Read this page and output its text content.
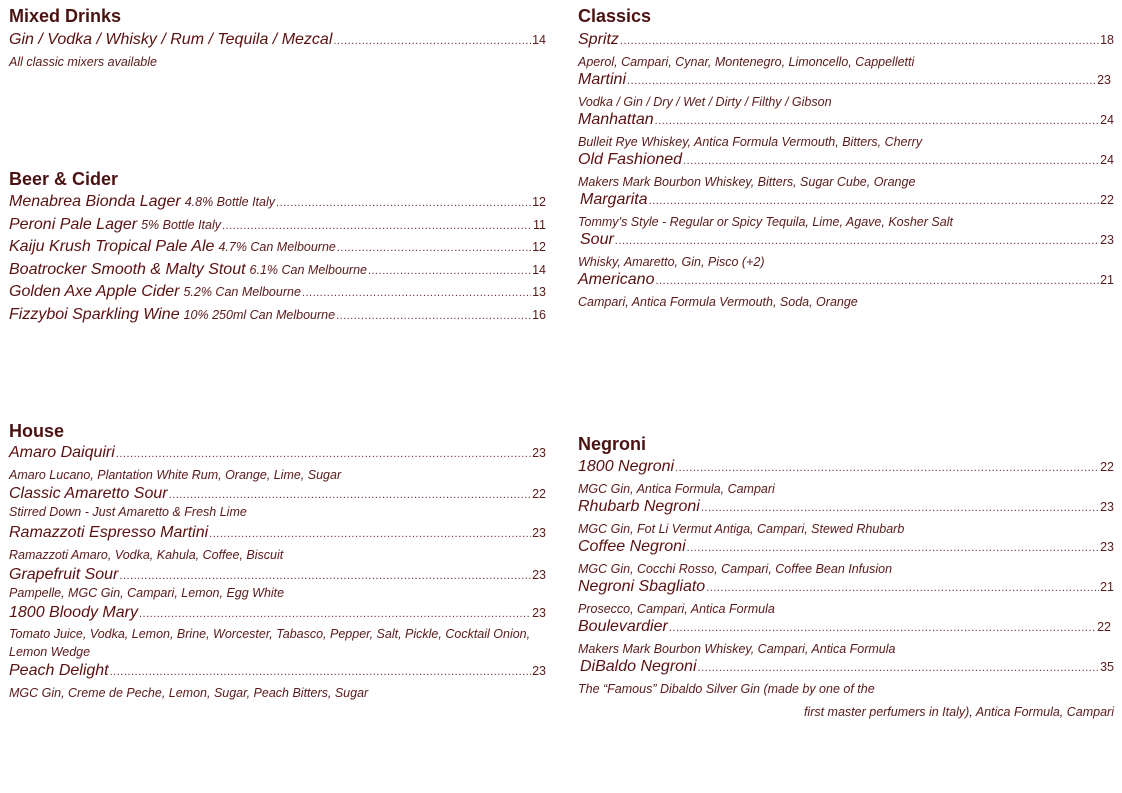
Mixed Drinks
Gin / Vodka / Whisky / Rum / Tequila / Mezcal .....	14
All classic mixers available
Beer & Cider
Menabrea Bionda Lager 4.8% Bottle Italy .....	12
Peroni Pale Lager 5% Bottle Italy .....	11
Kaiju Krush Tropical Pale Ale 4.7% Can Melbourne .....	12
Boatrocker Smooth & Malty Stout 6.1% Can Melbourne .....	14
Golden Axe Apple Cider 5.2% Can Melbourne .....	13
Fizzyboi Sparkling Wine 10% 250ml Can Melbourne .....	16
House
Amaro Daiquiri .....	23
Amaro Lucano, Plantation White Rum, Orange, Lime, Sugar
Classic Amaretto Sour .....	22
Stirred Down - Just Amaretto & Fresh Lime
Ramazzoti Espresso Martini .....	23
Ramazzoti Amaro, Vodka, Kahula, Coffee, Biscuit
Grapefruit Sour .....	23
Pampelle, MGC Gin, Campari, Lemon, Egg White
1800 Bloody Mary .....	23
Tomato Juice, Vodka, Lemon, Brine, Worcester, Tabasco, Pepper, Salt, Pickle, Cocktail Onion, Lemon Wedge
Peach Delight .....	23
MGC Gin, Creme de Peche, Lemon, Sugar, Peach Bitters, Sugar
Classics
Spritz .....	18
Aperol, Campari, Cynar, Montenegro, Limoncello, Cappelletti
Martini .....	23
Vodka / Gin / Dry / Wet / Dirty / Filthy / Gibson
Manhattan .....	24
Bulleit Rye Whiskey, Antica Formula Vermouth, Bitters, Cherry
Old Fashioned .....	24
Makers Mark Bourbon Whiskey, Bitters, Sugar Cube, Orange
Margarita .....	22
Tommy’s Style - Regular or Spicy Tequila, Lime, Agave, Kosher Salt
Sour .....	23
Whisky, Amaretto, Gin, Pisco (+2)
Americano .....	21
Campari, Antica Formula Vermouth, Soda, Orange
Negroni
1800 Negroni .....	22
MGC Gin, Antica Formula, Campari
Rhubarb Negroni .....	23
MGC Gin, Fot Li Vermut Antiga, Campari, Stewed Rhubarb
Coffee Negroni .....	23
MGC Gin, Cocchi Rosso, Campari, Coffee Bean Infusion
Negroni Sbagliato .....	21
Prosecco, Campari, Antica Formula
Boulevardier .....	22
Makers Mark Bourbon Whiskey, Campari, Antica Formula
DiBaldo Negroni .....	35
The “Famous” Dibaldo Silver Gin (made by one of the
first master perfumers in Italy), Antica Formula, Campari
